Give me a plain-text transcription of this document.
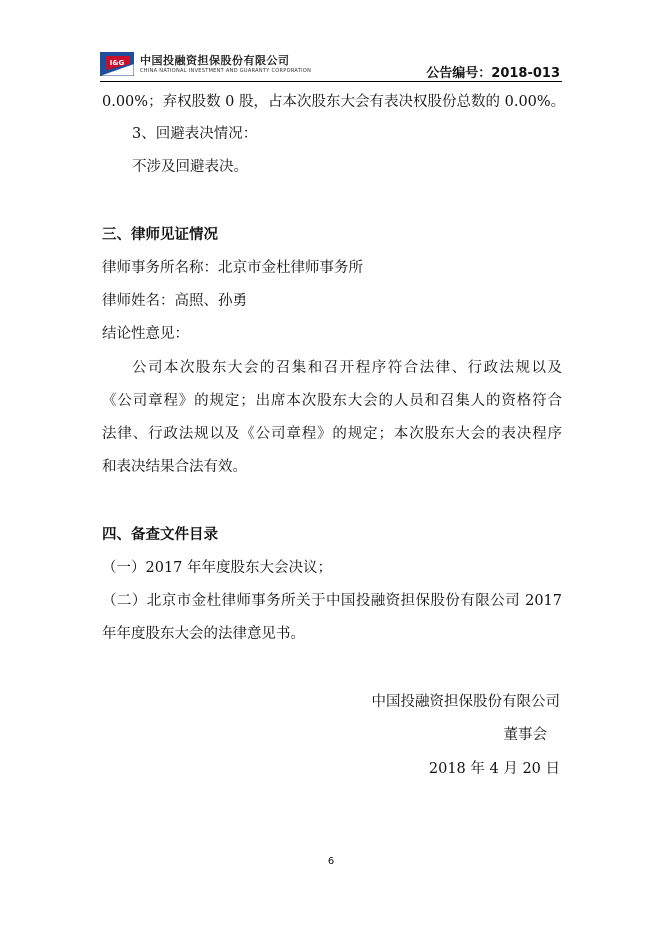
I&G 中国投融资担保股份有限公司
CHINA NATIONAL INVESTMENT AND GUARANTY CORPORATION	公告编号：2018-013
0.00%；弃权股数 0 股，占本次股东大会有表决权股份总数的 0.00%。
3、回避表决情况：
不涉及回避表决。
三、律师见证情况
律师事务所名称：北京市金杜律师事务所
律师姓名：高照、孙勇
结论性意见：
公司本次股东大会的召集和召开程序符合法律、行政法规以及
《公司章程》的规定；出席本次股东大会的人员和召集人的资格符合
法律、行政法规以及《公司章程》的规定；本次股东大会的表决程序
和表决结果合法有效。
四、备查文件目录
（一）2017 年年度股东大会决议；
（二）北京市金杜律师事务所关于中国投融资担保股份有限公司 2017
年年度股东大会的法律意见书。
中国投融资担保股份有限公司
董事会
2018 年 4 月 20 日
6
